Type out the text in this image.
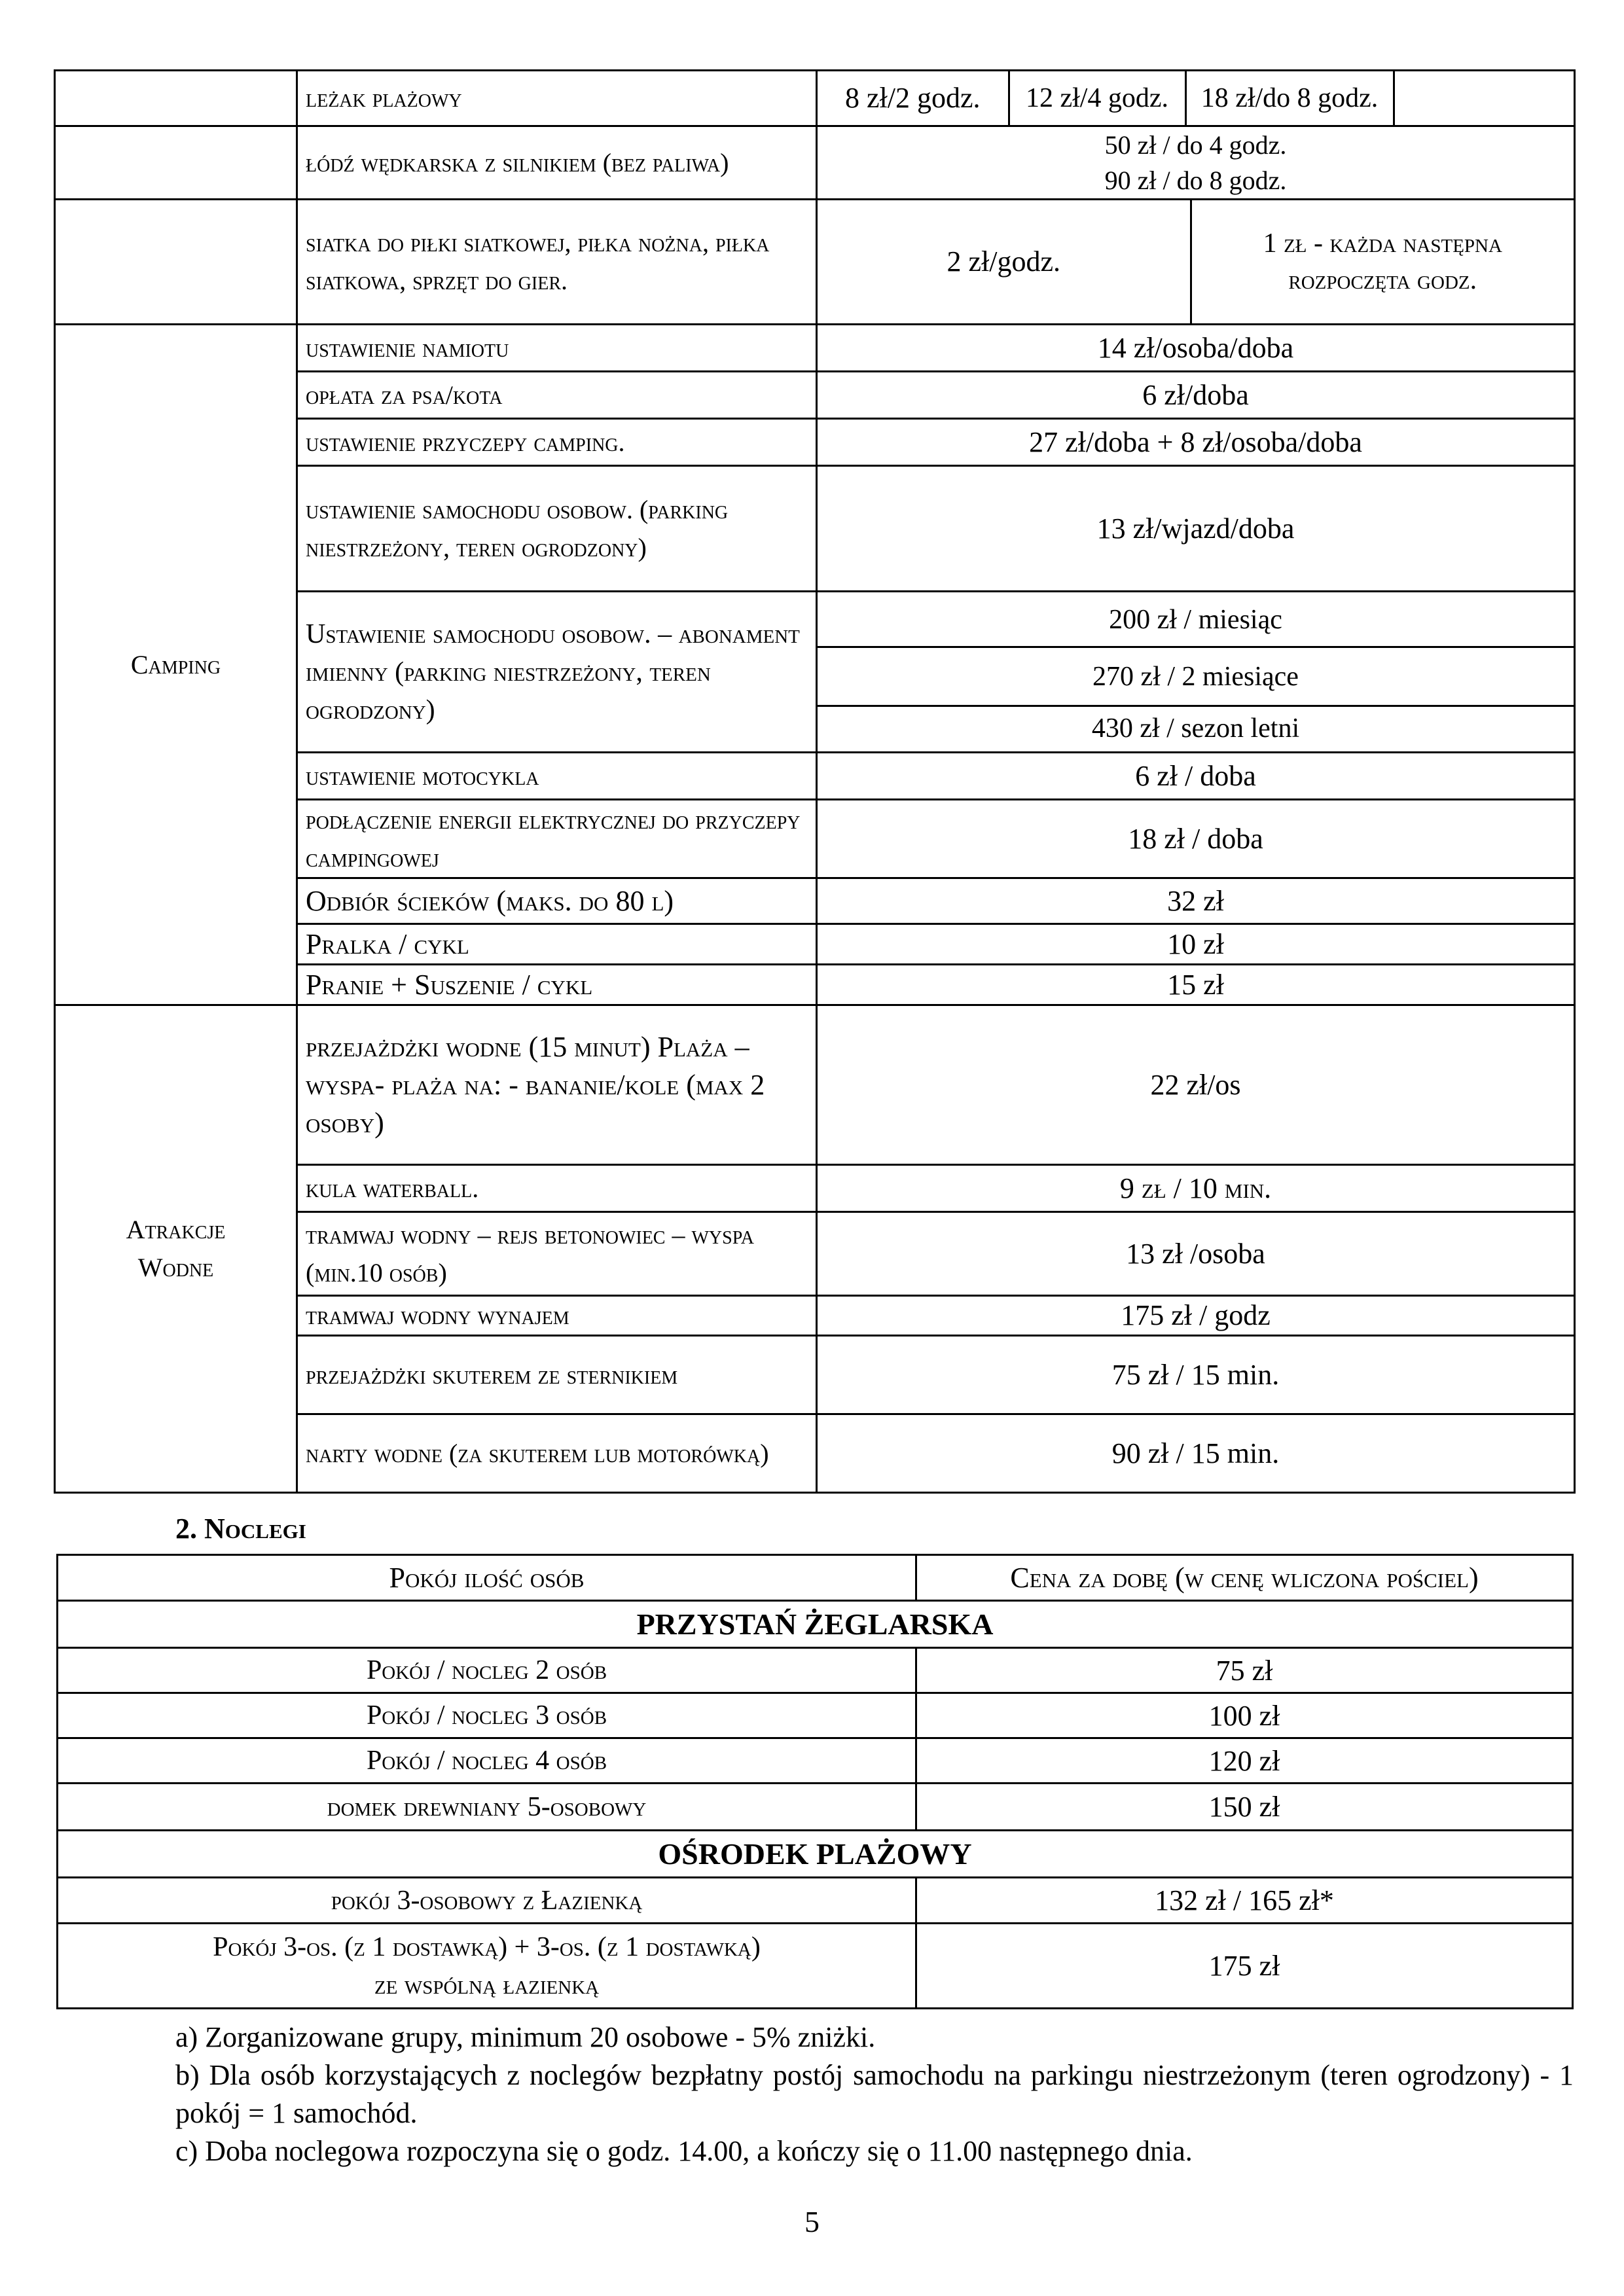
	leżak plażowy		8 zł/2 godz.	12 zł/4 godz.	18 zł/do 8 godz.	

	łódź wędkarska z silnikiem (bez paliwa)	
50 zł / do 4 godz.
90 zł / do 8 godz.

	siatka do piłki siatkowej, piłka nożna, piłka siatkowa, sprzęt do gier.	
2 zł/godz.	1 zł - każda następna rozpoczęta godz.

Camping	ustawienie namiotu	14 zł/osoba/doba
opłata za psa/kota	6 zł/doba
ustawienie przyczepy camping.	27 zł/doba + 8 zł/osoba/doba
ustawienie samochodu osobow. (parking niestrzeżony, teren ogrodzony)	13 zł/wjazd/doba
Ustawienie samochodu osobow. – abonament imienny (parking niestrzeżony, teren ogrodzony)	
200 zł / miesiąc
270 zł / 2 miesiące
430 zł / sezon letni

ustawienie motocykla	6 zł / doba
podłączenie energii elektrycznej do przyczepy campingowej	18 zł / doba
Odbiór ścieków (maks. do 80 l)	32 zł
Pralka / cykl	10 zł
Pranie + Suszenie / cykl	15 zł
Atrakcje Wodne	przejażdżki wodne (15 minut) Plaża –wyspa- plaża na: - bananie/kole (max 2 osoby)	22 zł/os
kula waterball.	9 zł / 10 min.
tramwaj wodny – rejs betonowiec – wyspa (min.10 osób)	13 zł /osoba
tramwaj wodny wynajem	175 zł / godz
przejażdżki skuterem ze sternikiem	75 zł / 15 min.
narty wodne (za skuterem lub motorówką)	90 zł / 15 min.
2. Noclegi
Pokój ilość osób	Cena za dobę (w cenę wliczona pościel)
PRZYSTAŃ ŻEGLARSKA	
Pokój / nocleg 2 osób	75 zł
Pokój / nocleg 3 osób	100 zł
Pokój / nocleg 4 osób	120 zł
domek drewniany 5-osobowy	150 zł
OŚRODEK PLAŻOWY	
pokój 3-osobowy z Łazienką	132 zł / 165 zł*
Pokój 3-os. (z 1 dostawką) + 3-os. (z 1 dostawką) ze wspólną łazienką	175 zł

a) Zorganizowane grupy, minimum 20 osobowe - 5% zniżki.

b) Dla osób korzystających z noclegów bezpłatny postój samochodu na parkingu niestrzeżonym (teren ogrodzony) - 1 pokój = 1 samochód.

c) Doba noclegowa rozpoczyna się o godz. 14.00, a kończy się o 11.00 następnego dnia.

5
